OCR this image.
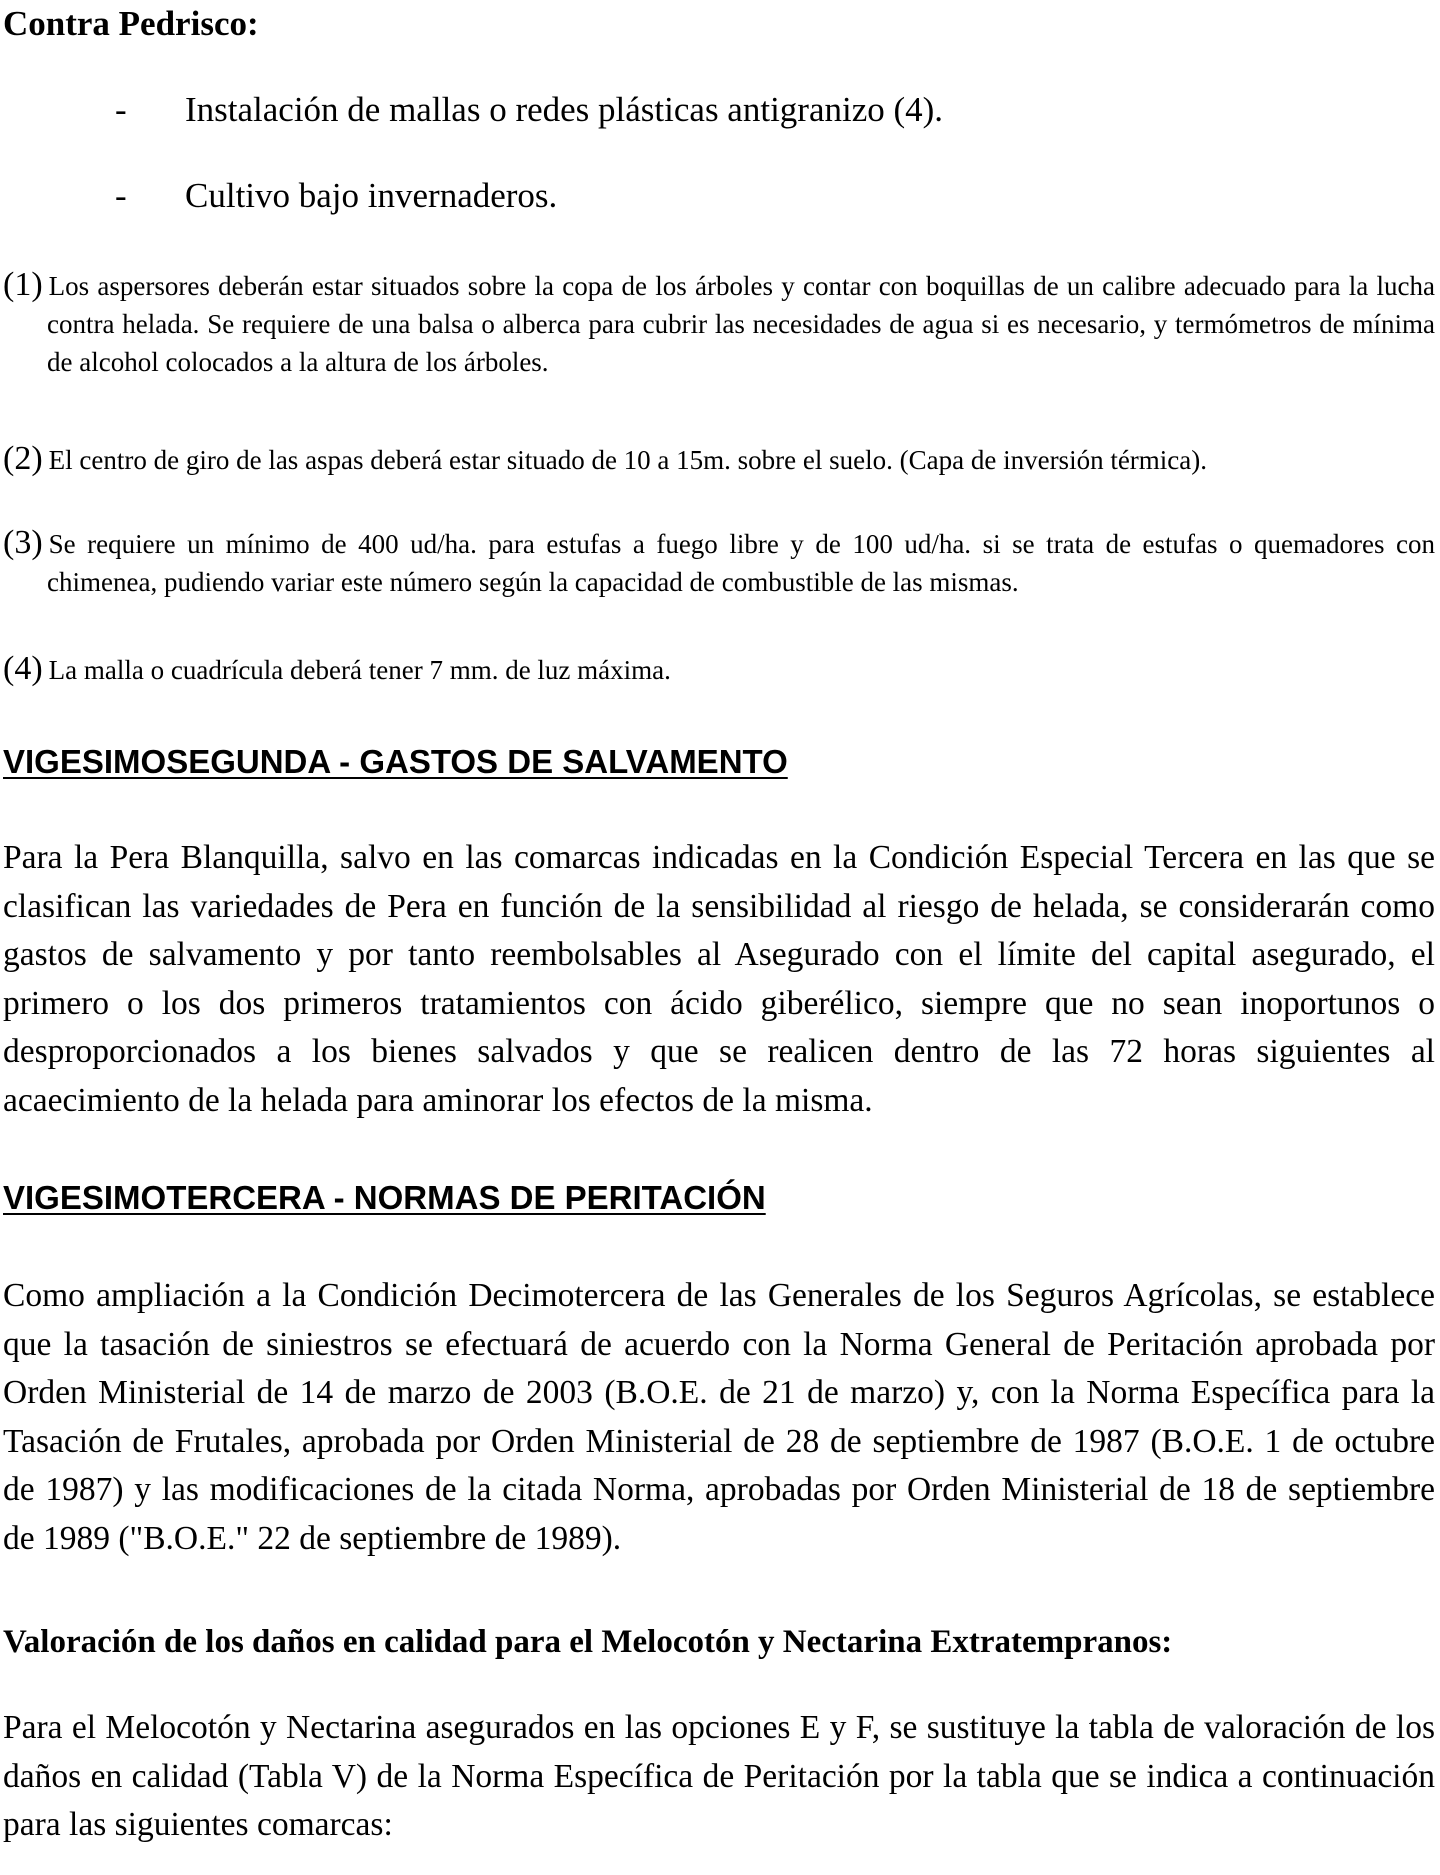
Contra Pedrisco:
- Instalación de mallas o redes plásticas antigranizo (4).
- Cultivo bajo invernaderos.
(1) Los aspersores deberán estar situados sobre la copa de los árboles y contar con boquillas de un calibre adecuado para la lucha contra helada. Se requiere de una balsa o alberca para cubrir las necesidades de agua si es necesario, y termómetros de mínima de alcohol colocados a la altura de los árboles.
(2) El centro de giro de las aspas deberá estar situado de 10 a 15m. sobre el suelo. (Capa de inversión térmica).
(3) Se requiere un mínimo de 400 ud/ha. para estufas a fuego libre y de 100 ud/ha. si se trata de estufas o quemadores con chimenea, pudiendo variar este número según la capacidad de combustible de las mismas.
(4) La malla o cuadrícula deberá tener 7 mm. de luz máxima.
VIGESIMOSEGUNDA - GASTOS DE SALVAMENTO
Para la Pera Blanquilla, salvo en las comarcas indicadas en la Condición Especial Tercera en las que se clasifican las variedades de Pera en función de la sensibilidad al riesgo de helada, se considerarán como gastos de salvamento y por tanto reembolsables al Asegurado con el límite del capital asegurado, el primero o los dos primeros tratamientos con ácido giberélico, siempre que no sean inoportunos o desproporcionados a los bienes salvados y que se realicen dentro de las 72 horas siguientes al acaecimiento de la helada para aminorar los efectos de la misma.
VIGESIMOTERCERA - NORMAS DE PERITACIÓN
Como ampliación a la Condición Decimotercera de las Generales de los Seguros Agrícolas, se establece que la tasación de siniestros se efectuará de acuerdo con la Norma General de Peritación aprobada por Orden Ministerial de 14 de marzo de 2003 (B.O.E. de 21 de marzo) y, con la Norma Específica para la Tasación de Frutales, aprobada por Orden Ministerial de 28 de septiembre de 1987 (B.O.E. 1 de octubre de 1987) y las modificaciones de la citada Norma, aprobadas por Orden Ministerial de 18 de septiembre de 1989 ("B.O.E." 22 de septiembre de 1989).
Valoración de los daños en calidad para el Melocotón y Nectarina Extratempranos:
Para el Melocotón y Nectarina asegurados en las opciones E y F, se sustituye la tabla de valoración de los daños en calidad (Tabla V) de la Norma Específica de Peritación por la tabla que se indica a continuación para las siguientes comarcas:
